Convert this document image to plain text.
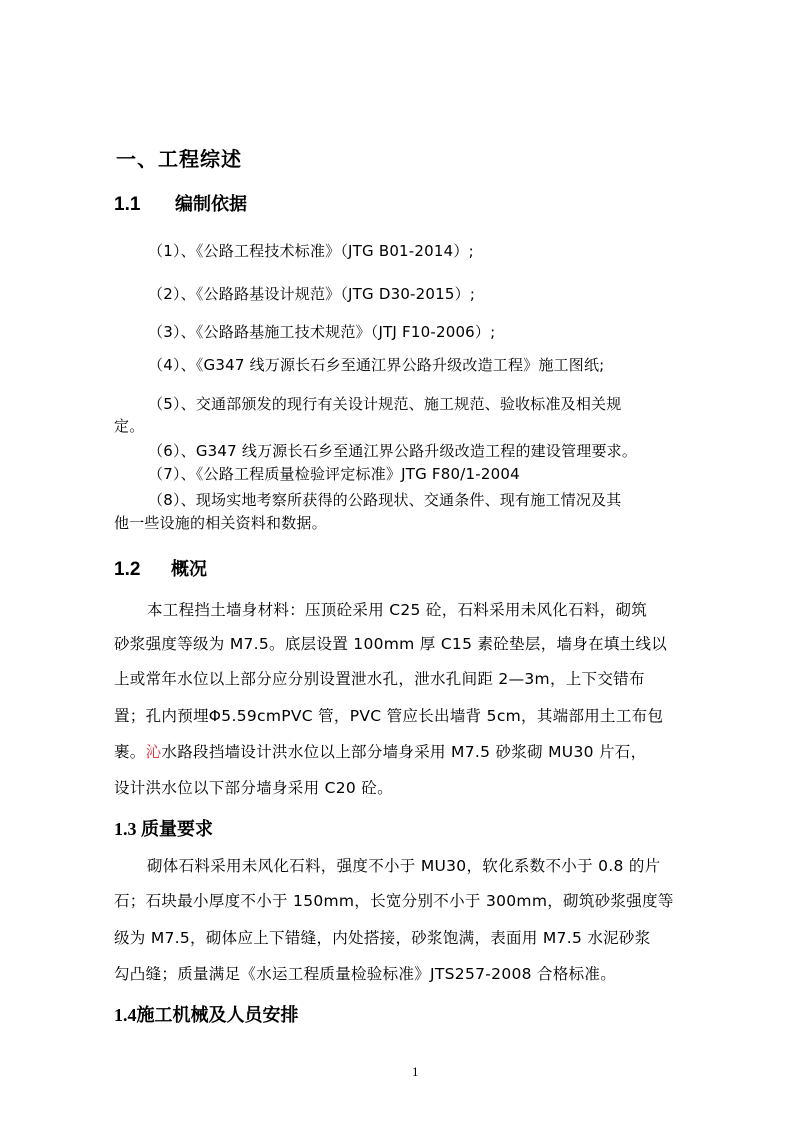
一、工程综述
1.1 编制依据
（1）、《公路工程技术标准》（JTG B01-2014）;
（2）、《公路路基设计规范》（JTG D30-2015）;
（3）、《公路路基施工技术规范》（JTJ F10-2006）;
（4）、《G347 线万源长石乡至通江界公路升级改造工程》施工图纸;
（5）、交通部颁发的现行有关设计规范、施工规范、验收标准及相关规
定。
（6）、G347 线万源长石乡至通江界公路升级改造工程的建设管理要求。
（7）、《公路工程质量检验评定标准》JTG F80/1-2004
（8）、现场实地考察所获得的公路现状、交通条件、现有施工情况及其
他一些设施的相关资料和数据。
1.2 概况
本工程挡土墙身材料：压顶砼采用 C25 砼，石料采用未风化石料，砌筑
砂浆强度等级为 M7.5。底层设置 100mm 厚 C15 素砼垫层，墙身在填土线以
上或常年水位以上部分应分别设置泄水孔，泄水孔间距 2—3m，上下交错布
置；孔内预埋Φ5.59cmPVC 管，PVC 管应长出墙背 5cm，其端部用土工布包
裹。沁水路段挡墙设计洪水位以上部分墙身采用 M7.5 砂浆砌 MU30 片石，
设计洪水位以下部分墙身采用 C20 砼。
1.3 质量要求
砌体石料采用未风化石料，强度不小于 MU30，软化系数不小于 0.8 的片
石；石块最小厚度不小于 150mm，长宽分别不小于 300mm，砌筑砂浆强度等
级为 M7.5，砌体应上下错缝，内处搭接，砂浆饱满，表面用 M7.5 水泥砂浆
勾凸缝；质量满足《水运工程质量检验标准》JTS257-2008 合格标准。
1.4施工机械及人员安排
1
